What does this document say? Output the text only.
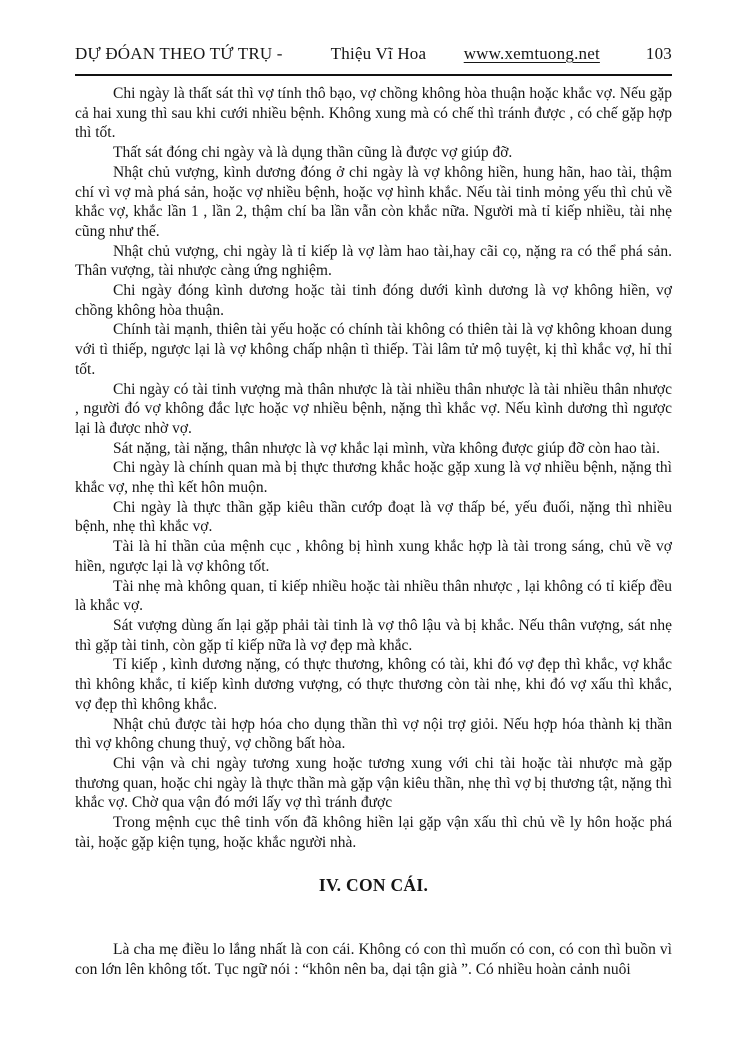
DỰ ĐÓAN THEO TỨ TRỤ -	Thiệu Vĩ Hoa www.xemtuong.net	103

Chi ngày là thất sát thì vợ tính thô bạo, vợ chồng không hòa thuận hoặc khắc vợ. Nếu gặp cả hai xung thì sau khi cưới nhiều bệnh. Không xung mà có chế thì tránh được , có chế gặp hợp thì tốt.

Thất sát đóng chi ngày và là dụng thần cũng là được vợ giúp đỡ.

Nhật chủ vượng, kình dương đóng ở chi ngày là vợ không hiền, hung hãn, hao tài, thậm chí vì vợ mà phá sản, hoặc vợ nhiều bệnh, hoặc vợ hình khắc. Nếu tài tinh mỏng yếu thì chủ về khắc vợ, khắc lần 1 , lần 2, thậm chí ba lần vẫn còn khắc nữa. Người mà tỉ kiếp nhiều, tài nhẹ cũng như thế.

Nhật chủ vượng, chi ngày là tỉ kiếp là vợ làm hao tài,hay cãi cọ, nặng ra có thể phá sản. Thân vượng, tài nhược càng ứng nghiệm.

Chi ngày đóng kình dương hoặc tài tinh đóng dưới kình dương là vợ không hiền, vợ chồng không hòa thuận.

Chính tài mạnh, thiên tài yếu hoặc có chính tài không có thiên tài là vợ không khoan dung với tì thiếp, ngược lại là vợ không chấp nhận tì thiếp. Tài lâm tử mộ tuyệt, kị thì khắc vợ, hỉ thỉ tốt.

Chi ngày có tài tinh vượng mà thân nhược là tài nhiều thân nhược là tài nhiều thân nhược , người đó vợ không đắc lực hoặc vợ nhiều bệnh, nặng thì khắc vợ. Nếu kình dương thì ngược lại là được nhờ vợ.

Sát nặng, tài nặng, thân nhược là vợ khắc lại mình, vừa không được giúp đỡ còn hao tài.

Chi ngày là chính quan mà bị thực thương khắc hoặc gặp xung là vợ nhiều bệnh, nặng thì khắc vợ, nhẹ thì kết hôn muộn.

Chi ngày là thực thần gặp kiêu thần cướp đoạt là vợ thấp bé, yếu đuối, nặng thì nhiều bệnh, nhẹ thì khắc vợ.

Tài là hỉ thần của mệnh cục , không bị hình xung khắc hợp là tài trong sáng, chủ về vợ hiền, ngược lại là vợ không tốt.

Tài nhẹ mà không quan, tỉ kiếp nhiều hoặc tài nhiều thân nhược , lại không có tỉ kiếp đều là khắc vợ.

Sát vượng dùng ấn lại gặp phải tài tinh là vợ thô lậu và bị khắc. Nếu thân vượng, sát nhẹ thì gặp tài tinh, còn gặp tỉ kiếp nữa là vợ đẹp mà khắc.

Tỉ kiếp , kình dương nặng, có thực thương, không có tài, khi đó vợ đẹp thì khắc, vợ khắc thì không khắc, tỉ kiếp kình dương vượng, có thực thương còn tài nhẹ, khi đó vợ xấu thì khắc, vợ đẹp thì không khắc.

Nhật chủ được tài hợp hóa cho dụng thần thì vợ nội trợ giỏi. Nếu hợp hóa thành kị thần thì vợ không chung thuỷ, vợ chồng bất hòa.

Chi vận và chi ngày tương xung hoặc tương xung với chi tài hoặc tài nhược mà gặp thương quan, hoặc chi ngày là thực thần mà gặp vận kiêu thần, nhẹ thì vợ bị thương tật, nặng thì khắc vợ. Chờ qua vận đó mới lấy vợ thì tránh được

Trong mệnh cục thê tinh vốn đã không hiền lại gặp vận xấu thì chủ về ly hôn hoặc phá tài, hoặc gặp kiện tụng, hoặc khắc người nhà.

IV. CON CÁI.

Là cha mẹ điều lo lắng nhất là con cái. Không có con thì muốn có con, có con thì buồn vì con lớn lên không tốt. Tục ngữ nói : “khôn nên ba, dại tận già ”. Có nhiều hoàn cảnh nuôi
